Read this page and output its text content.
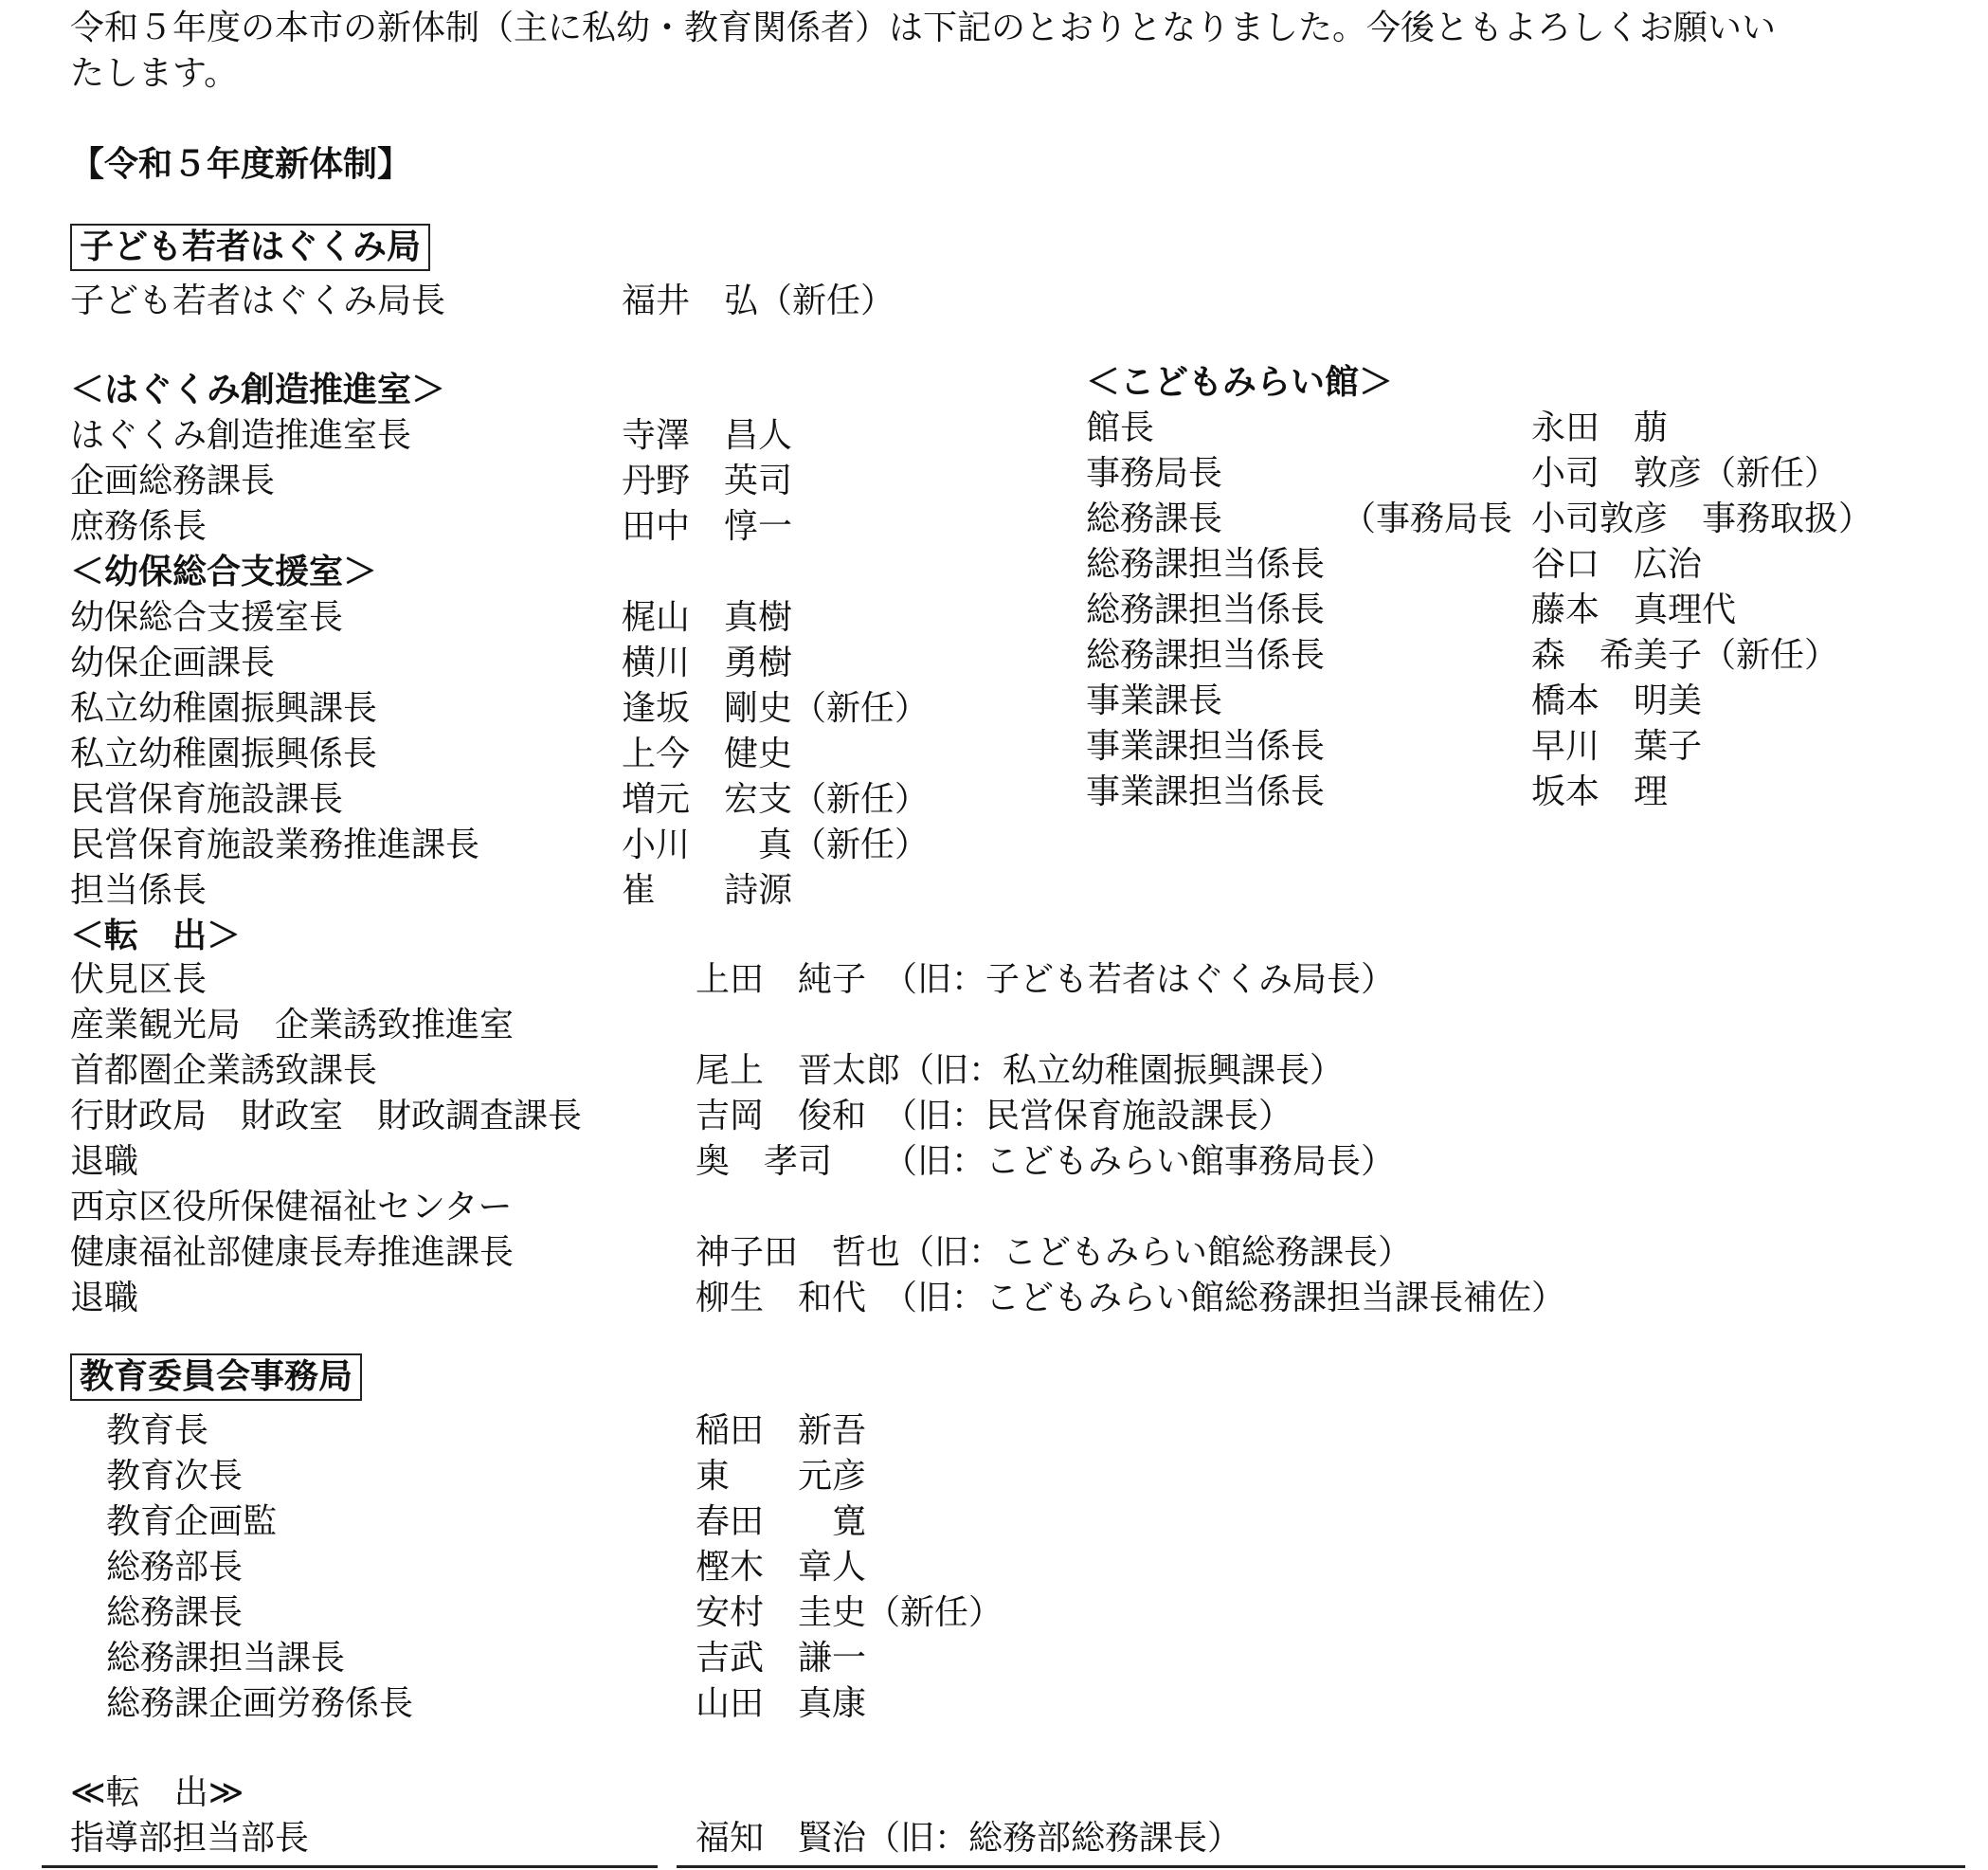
令和５年度の本市の新体制（主に私幼・教育関係者）は下記のとおりとなりました。今後ともよろしくお願いい
たします。
【令和５年度新体制】
子ども若者はぐくみ局
子ども若者はぐくみ局長	福井　弘（新任）
＜はぐくみ創造推進室＞
はぐくみ創造推進室長	寺澤　昌人
企画総務課長	丹野　英司
庶務係長	田中　惇一
＜幼保総合支援室＞
幼保総合支援室長	梶山　真樹
幼保企画課長	横川　勇樹
私立幼稚園振興課長	逢坂　剛史（新任）
私立幼稚園振興係長	上今　健史
民営保育施設課長	増元　宏支（新任）
民営保育施設業務推進課長	小川　　真（新任）
担当係長	崔　　詩源
＜転　出＞
伏見区長	上田　純子　（旧：子ども若者はぐくみ局長）
産業観光局　企業誘致推進室
首都圏企業誘致課長	尾上　晋太郎（旧：私立幼稚園振興課長）
行財政局　財政室　財政調査課長	吉岡　俊和　（旧：民営保育施設課長）
退職	奥　孝司　　（旧：こどもみらい館事務局長）
西京区役所保健福祉センター
健康福祉部健康長寿推進課長	神子田　哲也（旧：こどもみらい館総務課長）
退職	柳生　和代　（旧：こどもみらい館総務課担当課長補佐）
＜こどもみらい館＞
館長	永田　萠
事務局長	小司　敦彦（新任）
総務課長	（事務局長 小司敦彦　事務取扱）
総務課担当係長	谷口　広治
総務課担当係長	藤本　真理代
総務課担当係長	森　希美子（新任）
事業課長	橋本　明美
事業課担当係長	早川　葉子
事業課担当係長	坂本　理
教育委員会事務局
教育長	稲田　新吾
教育次長	東　　元彦
教育企画監	春田　　寛
総務部長	樫木　章人
総務課長	安村　圭史（新任）
総務課担当課長	吉武　謙一
総務課企画労務係長	山田　真康
≪転　出≫
指導部担当部長	福知　賢治（旧：総務部総務課長）
